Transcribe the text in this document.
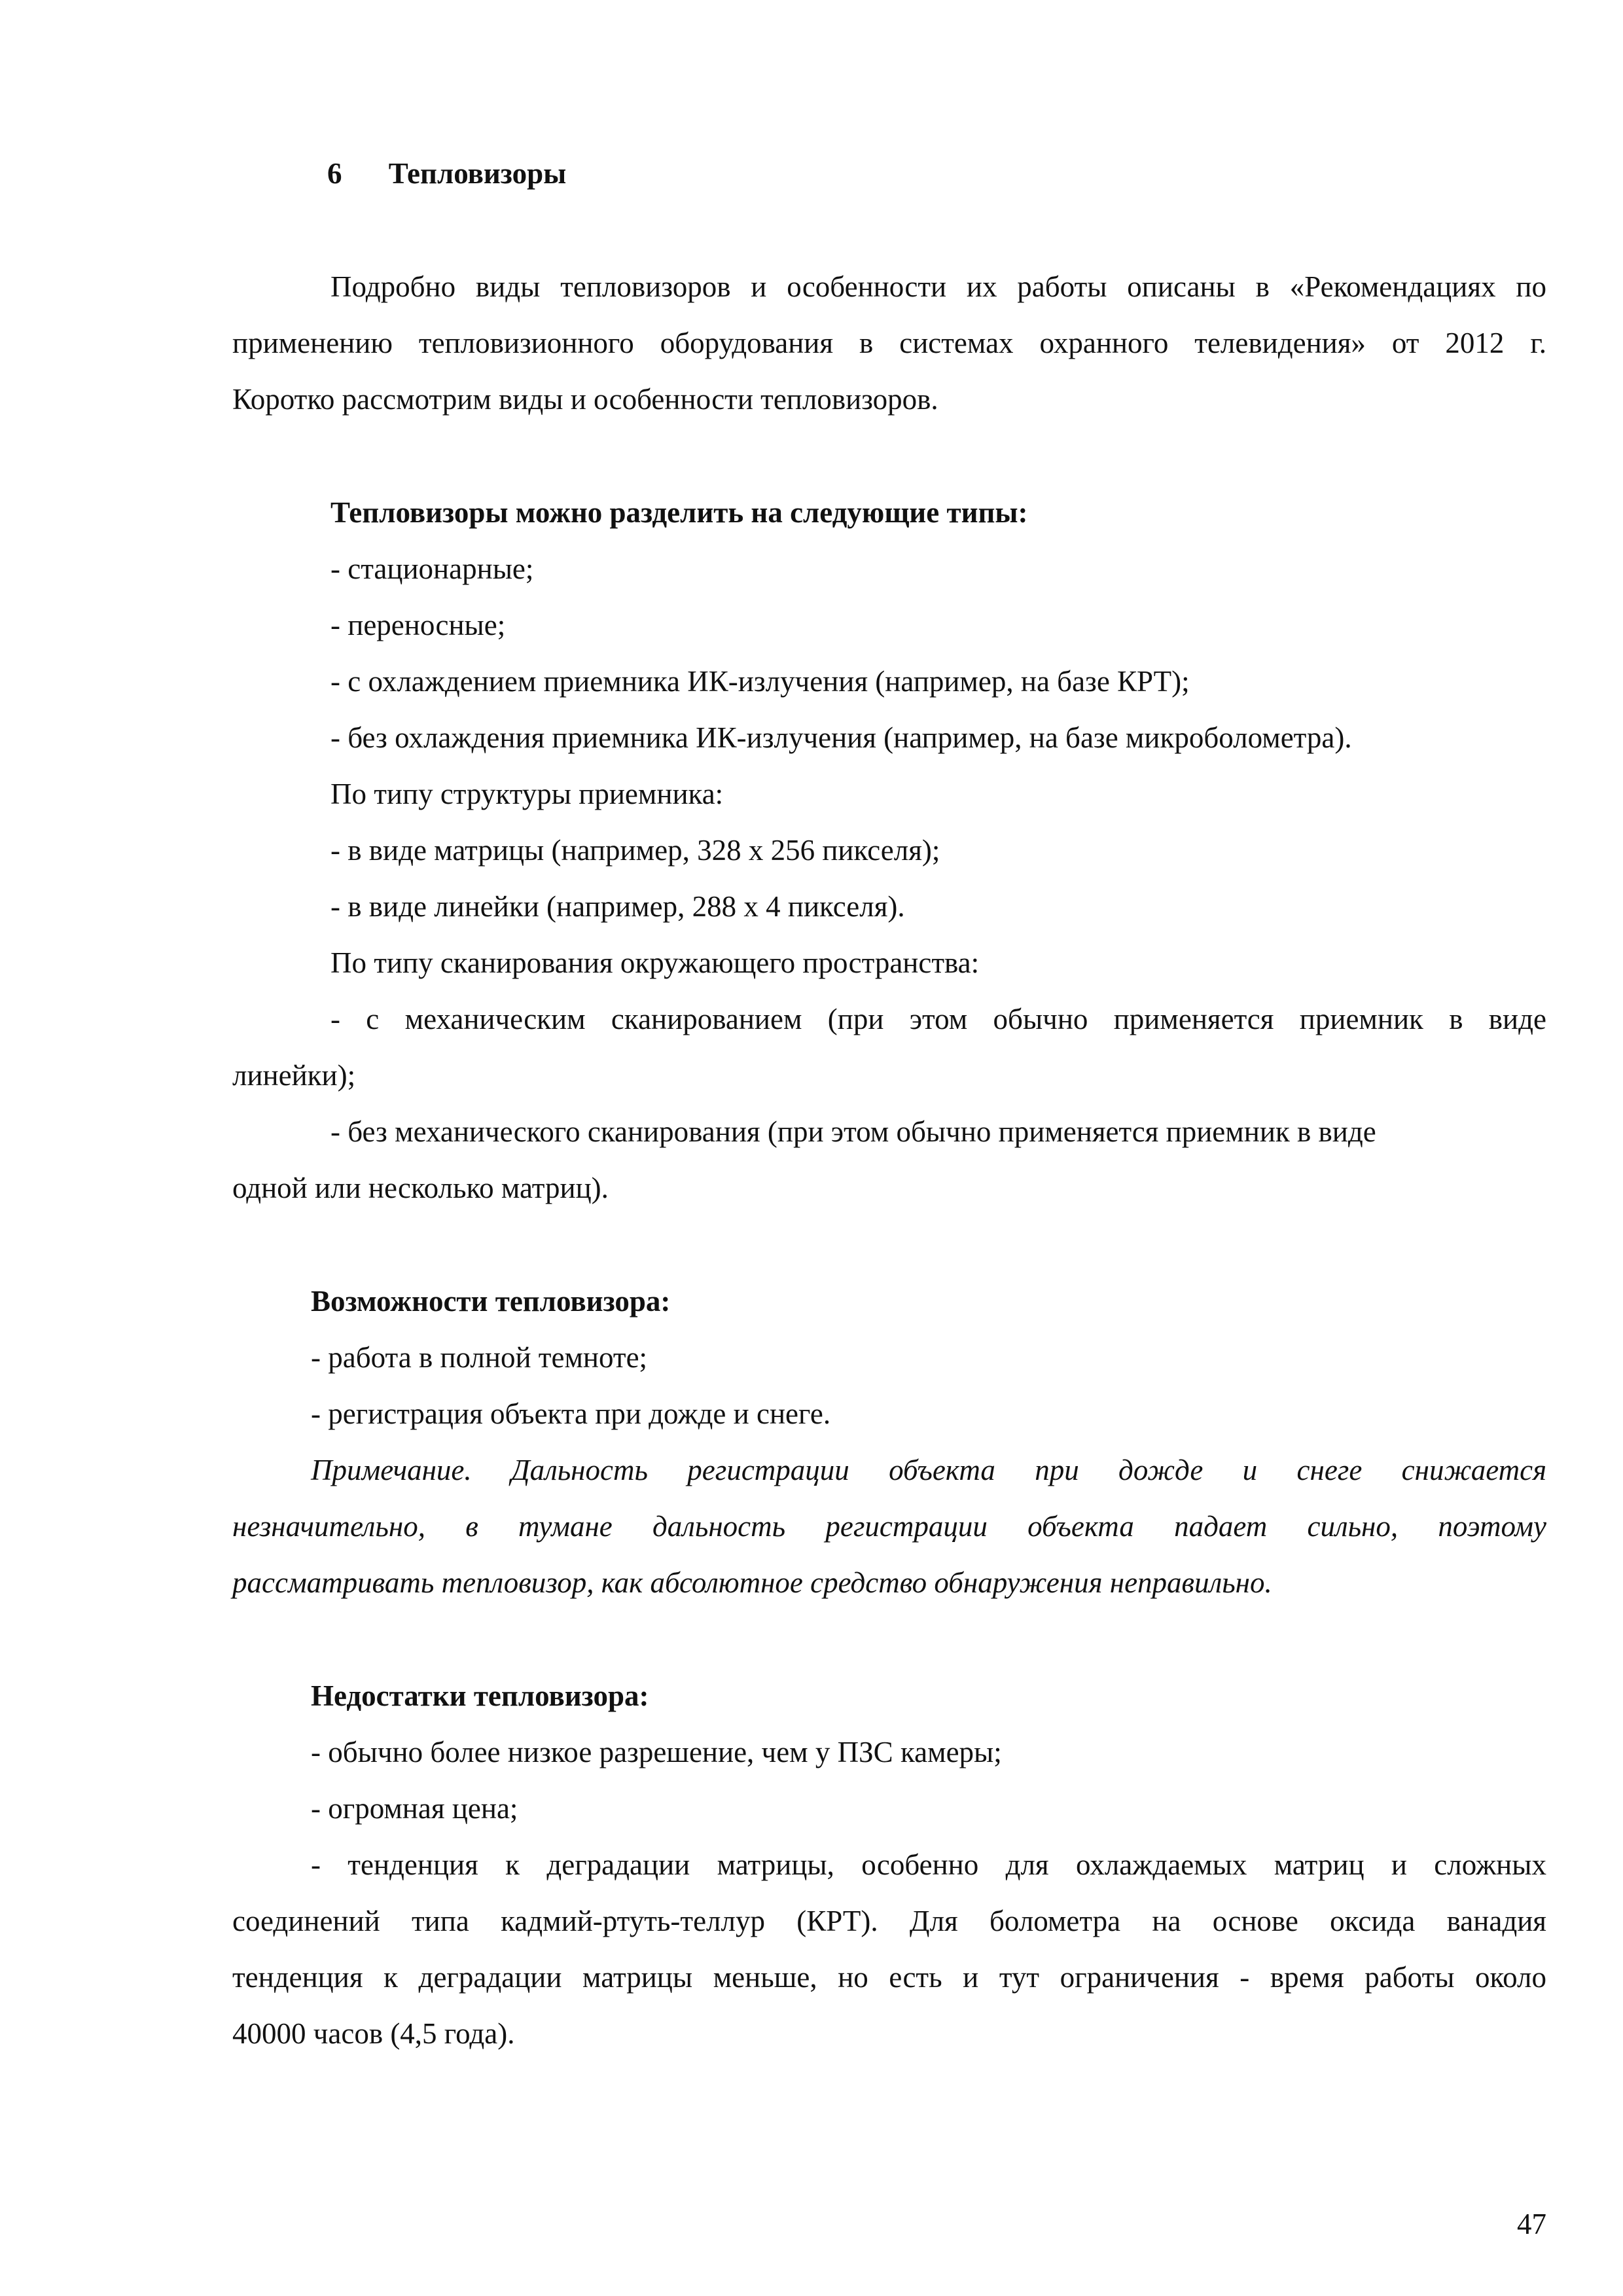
6 Тепловизоры
Подробно виды тепловизоров и особенности их работы описаны в «Рекомендациях по
применению тепловизионного оборудования в системах охранного телевидения» от 2012 г.
Коротко рассмотрим виды и особенности тепловизоров.
Тепловизоры можно разделить на следующие типы:
- стационарные;
- переносные;
- с охлаждением приемника ИК-излучения (например, на базе КРТ);
- без охлаждения приемника ИК-излучения (например, на базе микроболометра).
По типу структуры приемника:
- в виде матрицы (например, 328 х 256 пикселя);
- в виде линейки (например, 288 х 4 пикселя).
По типу сканирования окружающего пространства:
- с механическим сканированием (при этом обычно применяется приемник в виде
линейки);
- без механического сканирования (при этом обычно применяется приемник в виде
одной или несколько матриц).
Возможности тепловизора:
- работа в полной темноте;
- регистрация объекта при дожде и снеге.
Примечание. Дальность регистрации объекта при дожде и снеге снижается
незначительно, в тумане дальность регистрации объекта падает сильно, поэтому
рассматривать тепловизор, как абсолютное средство обнаружения неправильно.
Недостатки тепловизора:
- обычно более низкое разрешение, чем у ПЗС камеры;
- огромная цена;
- тенденция к деградации матрицы, особенно для охлаждаемых матриц и сложных
соединений типа кадмий-ртуть-теллур (КРТ). Для болометра на основе оксида ванадия
тенденция к деградации матрицы меньше, но есть и тут ограничения - время работы около
40000 часов (4,5 года).
47
